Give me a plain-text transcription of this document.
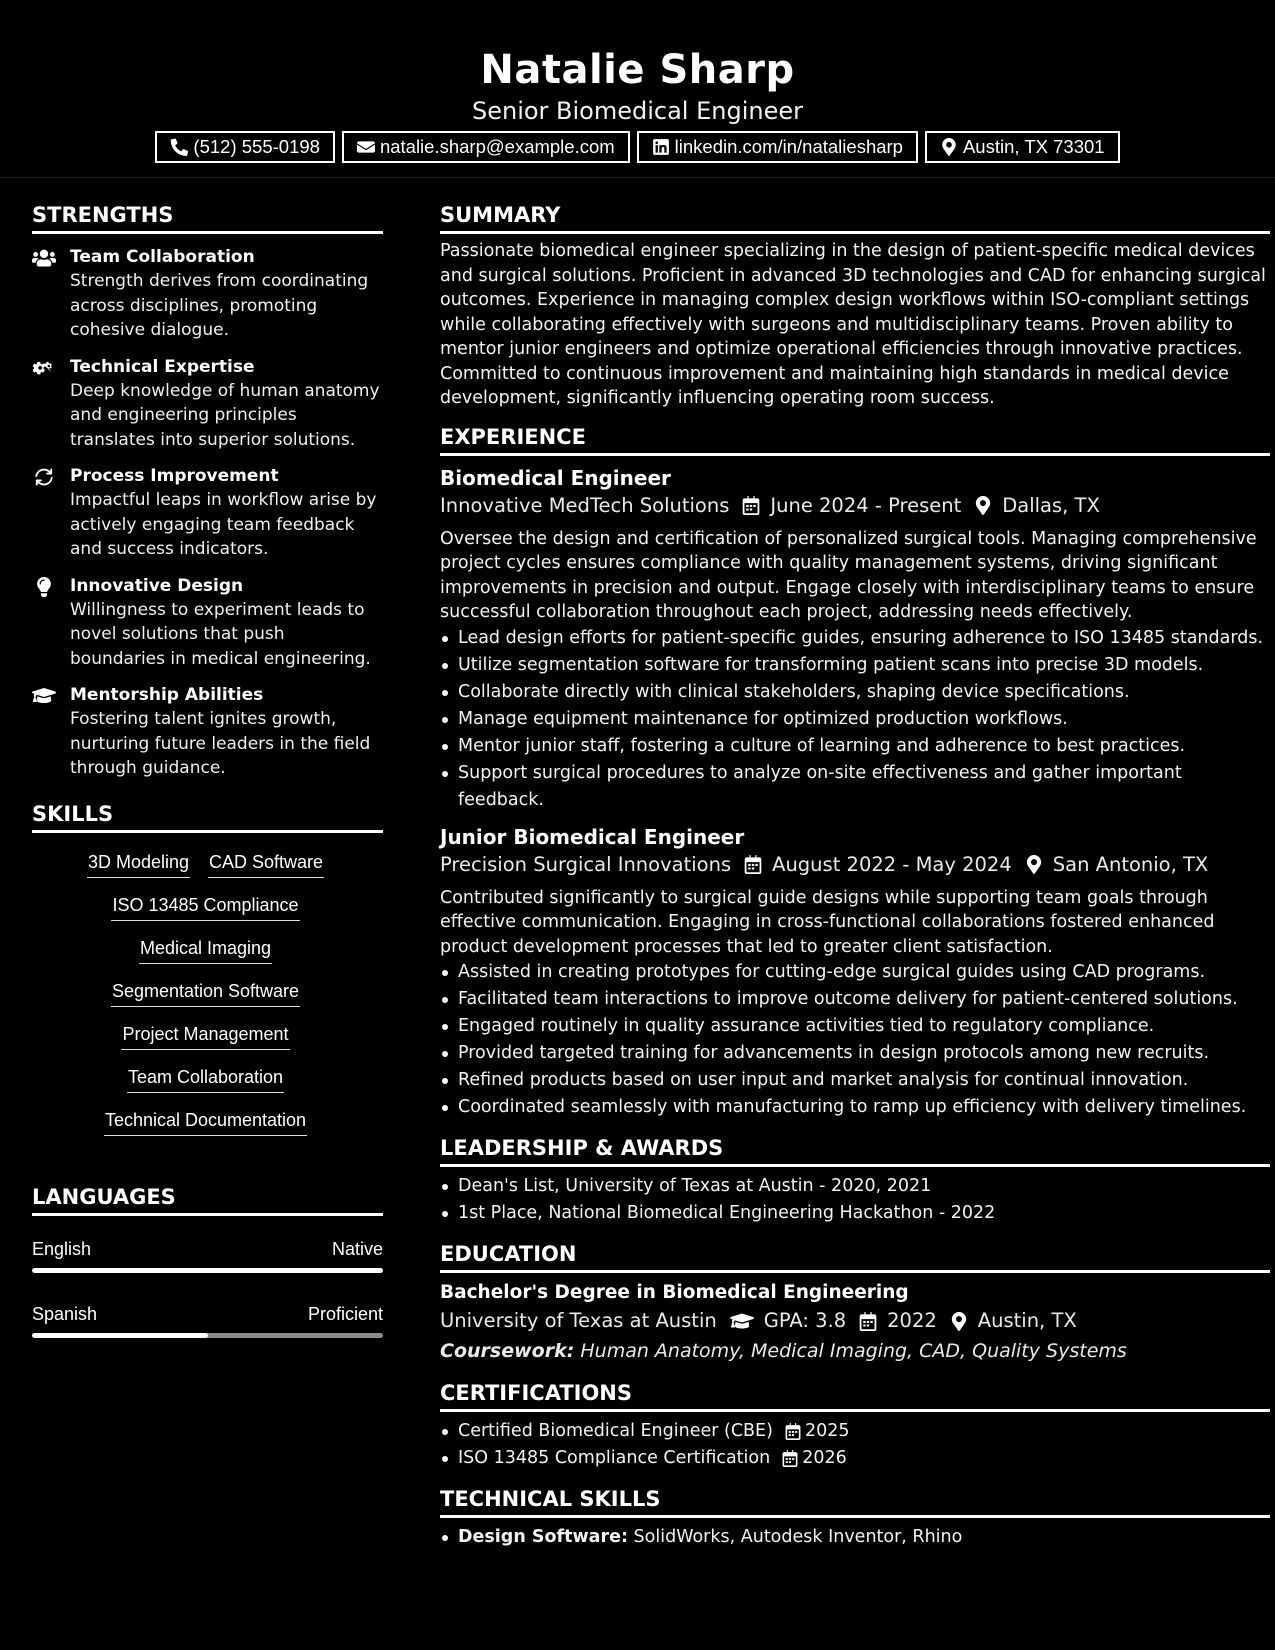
Natalie Sharp
Senior Biomedical Engineer
(512) 555-0198	natalie.sharp@example.com	linkedin.com/in/nataliesharp	Austin, TX 73301
STRENGTHS
Team Collaboration
Strength derives from coordinating across disciplines, promoting cohesive dialogue.
Technical Expertise
Deep knowledge of human anatomy and engineering principles translates into superior solutions.
Process Improvement
Impactful leaps in workflow arise by actively engaging team feedback and success indicators.
Innovative Design
Willingness to experiment leads to novel solutions that push boundaries in medical engineering.
Mentorship Abilities
Fostering talent ignites growth, nurturing future leaders in the field through guidance.
SKILLS
3D Modeling CAD Software
ISO 13485 Compliance
Medical Imaging
Segmentation Software
Project Management
Team Collaboration
Technical Documentation
LANGUAGES
English	Native
Spanish	Proficient
SUMMARY

Passionate biomedical engineer specializing in the design of patient-specific medical devices and surgical solutions. Proficient in advanced 3D technologies and CAD for enhancing surgical outcomes. Experience in managing complex design workflows within ISO-compliant settings while collaborating effectively with surgeons and multidisciplinary teams. Proven ability to mentor junior engineers and optimize operational efficiencies through innovative practices. Committed to continuous improvement and maintaining high standards in medical device development, significantly influencing operating room success.

EXPERIENCE
Biomedical Engineer
Innovative MedTech Solutions June 2024 - Present Dallas, TX

Oversee the design and certification of personalized surgical tools. Managing comprehensive project cycles ensures compliance with quality management systems, driving significant improvements in precision and output. Engage closely with interdisciplinary teams to ensure successful collaboration throughout each project, addressing needs effectively.

Lead design efforts for patient-specific guides, ensuring adherence to ISO 13485 standards.
Utilize segmentation software for transforming patient scans into precise 3D models.
Collaborate directly with clinical stakeholders, shaping device specifications.
Manage equipment maintenance for optimized production workflows.
Mentor junior staff, fostering a culture of learning and adherence to best practices.
Support surgical procedures to analyze on-site effectiveness and gather important feedback.
Junior Biomedical Engineer
Precision Surgical Innovations August 2022 - May 2024 San Antonio, TX

Contributed significantly to surgical guide designs while supporting team goals through effective communication. Engaging in cross-functional collaborations fostered enhanced product development processes that led to greater client satisfaction.

Assisted in creating prototypes for cutting-edge surgical guides using CAD programs.
Facilitated team interactions to improve outcome delivery for patient-centered solutions.
Engaged routinely in quality assurance activities tied to regulatory compliance.
Provided targeted training for advancements in design protocols among new recruits.
Refined products based on user input and market analysis for continual innovation.
Coordinated seamlessly with manufacturing to ramp up efficiency with delivery timelines.
LEADERSHIP & AWARDS
Dean's List, University of Texas at Austin - 2020, 2021
1st Place, National Biomedical Engineering Hackathon - 2022
EDUCATION
Bachelor's Degree in Biomedical Engineering
University of Texas at Austin GPA: 3.8 2022 Austin, TX
Coursework: Human Anatomy, Medical Imaging, CAD, Quality Systems
CERTIFICATIONS
Certified Biomedical Engineer (CBE) 2025
ISO 13485 Compliance Certification 2026
TECHNICAL SKILLS
Design Software: SolidWorks, Autodesk Inventor, Rhino
